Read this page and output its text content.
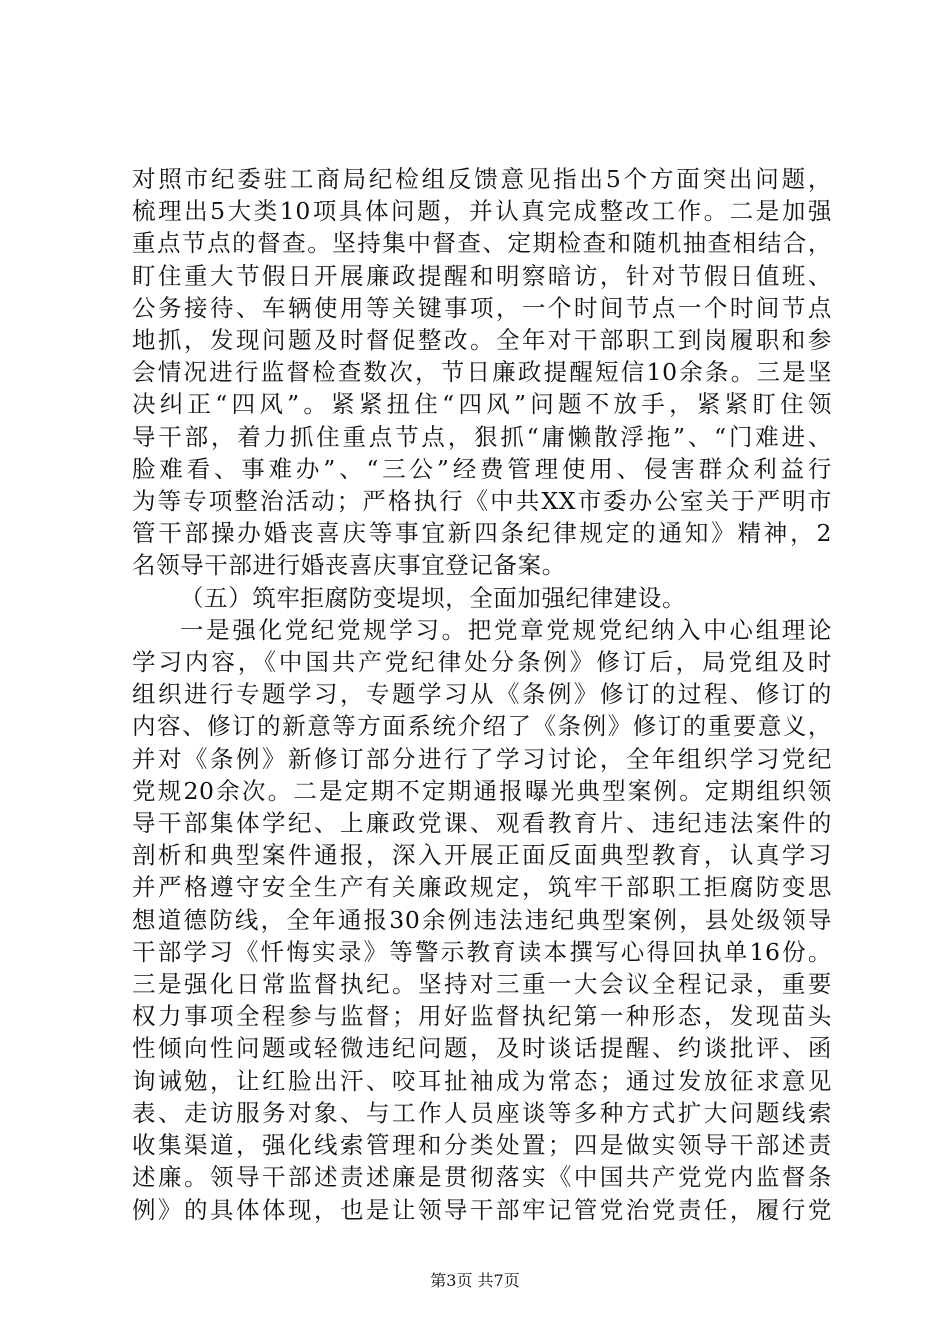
对照市纪委驻工商局纪检组反馈意见指出5个方面突出问题，
梳理出5大类10项具体问题，并认真完成整改工作。二是加强
重点节点的督查。坚持集中督查、定期检查和随机抽查相结合，
盯住重大节假日开展廉政提醒和明察暗访，针对节假日值班、
公务接待、车辆使用等关键事项，一个时间节点一个时间节点
地抓，发现问题及时督促整改。全年对干部职工到岗履职和参
会情况进行监督检查数次，节日廉政提醒短信10余条。三是坚
决纠正“四风”。紧紧扭住“四风”问题不放手，紧紧盯住领
导干部，着力抓住重点节点，狠抓“庸懒散浮拖”、“门难进、
脸难看、事难办”、“三公”经费管理使用、侵害群众利益行
为等专项整治活动；严格执行《中共XX市委办公室关于严明市
管干部操办婚丧喜庆等事宜新四条纪律规定的通知》精神，2
名领导干部进行婚丧喜庆事宜登记备案。
（五）筑牢拒腐防变堤坝，全面加强纪律建设。
一是强化党纪党规学习。把党章党规党纪纳入中心组理论
学习内容，《中国共产党纪律处分条例》修订后，局党组及时
组织进行专题学习，专题学习从《条例》修订的过程、修订的
内容、修订的新意等方面系统介绍了《条例》修订的重要意义，
并对《条例》新修订部分进行了学习讨论，全年组织学习党纪
党规20余次。二是定期不定期通报曝光典型案例。定期组织领
导干部集体学纪、上廉政党课、观看教育片、违纪违法案件的
剖析和典型案件通报，深入开展正面反面典型教育，认真学习
并严格遵守安全生产有关廉政规定，筑牢干部职工拒腐防变思
想道德防线，全年通报30余例违法违纪典型案例，县处级领导
干部学习《忏悔实录》等警示教育读本撰写心得回执单16份。
三是强化日常监督执纪。坚持对三重一大会议全程记录，重要
权力事项全程参与监督；用好监督执纪第一种形态，发现苗头
性倾向性问题或轻微违纪问题，及时谈话提醒、约谈批评、函
询诫勉，让红脸出汗、咬耳扯袖成为常态；通过发放征求意见
表、走访服务对象、与工作人员座谈等多种方式扩大问题线索
收集渠道，强化线索管理和分类处置；四是做实领导干部述责
述廉。领导干部述责述廉是贯彻落实《中国共产党党内监督条
例》的具体体现，也是让领导干部牢记管党治党责任，履行党
第3页 共7页
